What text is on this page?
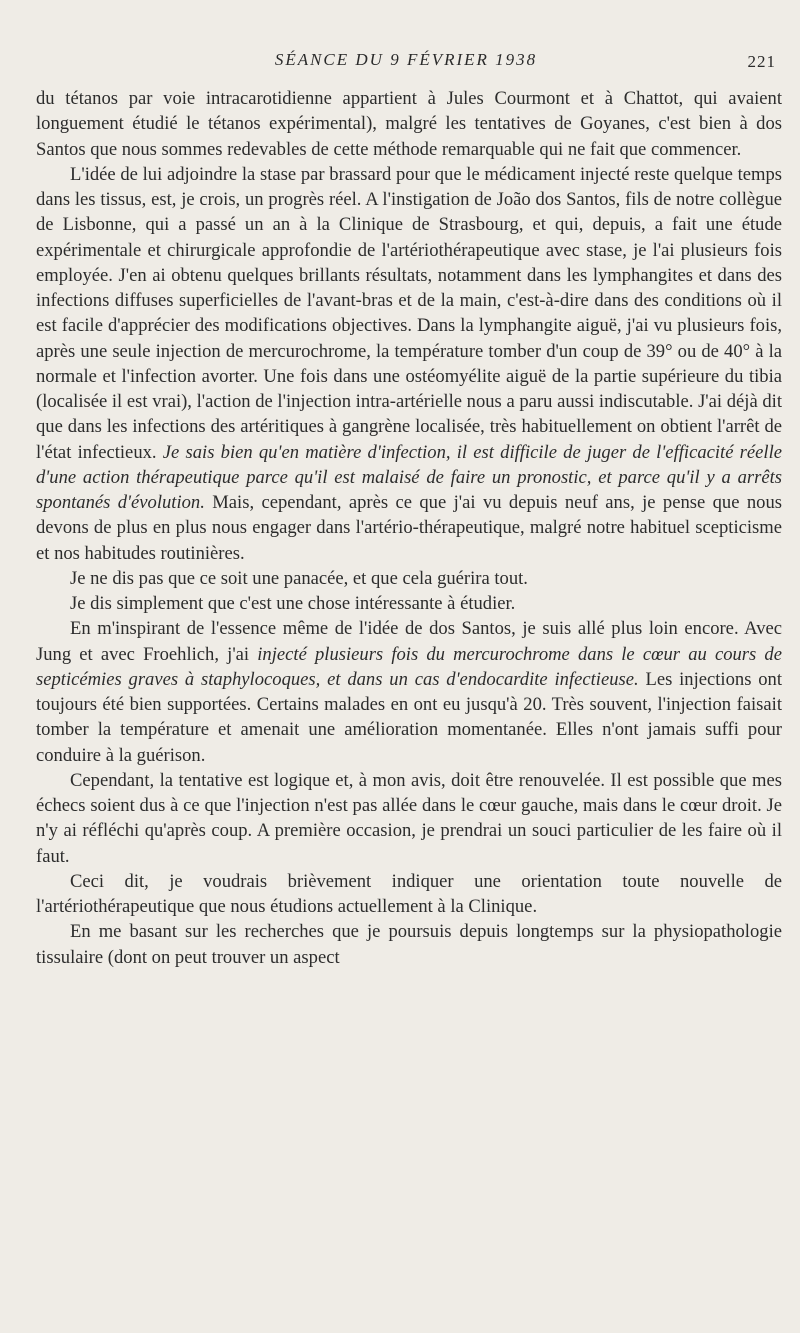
SÉANCE DU 9 FÉVRIER 1938	221

du tétanos par voie intracarotidienne appartient à Jules Courmont et à Chattot, qui avaient longuement étudié le tétanos expérimental), malgré les tentatives de Goyanes, c'est bien à dos Santos que nous sommes redevables de cette méthode remarquable qui ne fait que commencer.

L'idée de lui adjoindre la stase par brassard pour que le médicament injecté reste quelque temps dans les tissus, est, je crois, un progrès réel. A l'instigation de João dos Santos, fils de notre collègue de Lisbonne, qui a passé un an à la Clinique de Strasbourg, et qui, depuis, a fait une étude expérimentale et chirurgicale approfondie de l'artériothérapeutique avec stase, je l'ai plusieurs fois employée. J'en ai obtenu quelques brillants résultats, notamment dans les lymphangites et dans des infections diffuses superficielles de l'avant-bras et de la main, c'est-à-dire dans des conditions où il est facile d'apprécier des modifications objectives. Dans la lymphangite aiguë, j'ai vu plusieurs fois, après une seule injection de mercurochrome, la température tomber d'un coup de 39° ou de 40° à la normale et l'infection avorter. Une fois dans une ostéomyélite aiguë de la partie supérieure du tibia (localisée il est vrai), l'action de l'injection intra-artérielle nous a paru aussi indiscutable. J'ai déjà dit que dans les infections des artéritiques à gangrène localisée, très habituellement on obtient l'arrêt de l'état infectieux. Je sais bien qu'en matière d'infection, il est difficile de juger de l'efficacité réelle d'une action thérapeutique parce qu'il est malaisé de faire un pronostic, et parce qu'il y a arrêts spontanés d'évolution. Mais, cependant, après ce que j'ai vu depuis neuf ans, je pense que nous devons de plus en plus nous engager dans l'artério-thérapeutique, malgré notre habituel scepticisme et nos habitudes routinières.

Je ne dis pas que ce soit une panacée, et que cela guérira tout.

Je dis simplement que c'est une chose intéressante à étudier.

En m'inspirant de l'essence même de l'idée de dos Santos, je suis allé plus loin encore. Avec Jung et avec Froehlich, j'ai injecté plusieurs fois du mercurochrome dans le cœur au cours de septicémies graves à staphylocoques, et dans un cas d'endocardite infectieuse. Les injections ont toujours été bien supportées. Certains malades en ont eu jusqu'à 20. Très souvent, l'injection faisait tomber la température et amenait une amélioration momentanée. Elles n'ont jamais suffi pour conduire à la guérison.

Cependant, la tentative est logique et, à mon avis, doit être renouvelée. Il est possible que mes échecs soient dus à ce que l'injection n'est pas allée dans le cœur gauche, mais dans le cœur droit. Je n'y ai réfléchi qu'après coup. A première occasion, je prendrai un souci particulier de les faire où il faut.

Ceci dit, je voudrais brièvement indiquer une orientation toute nouvelle de l'artériothérapeutique que nous étudions actuellement à la Clinique.

En me basant sur les recherches que je poursuis depuis longtemps sur la physiopathologie tissulaire (dont on peut trouver un aspect
